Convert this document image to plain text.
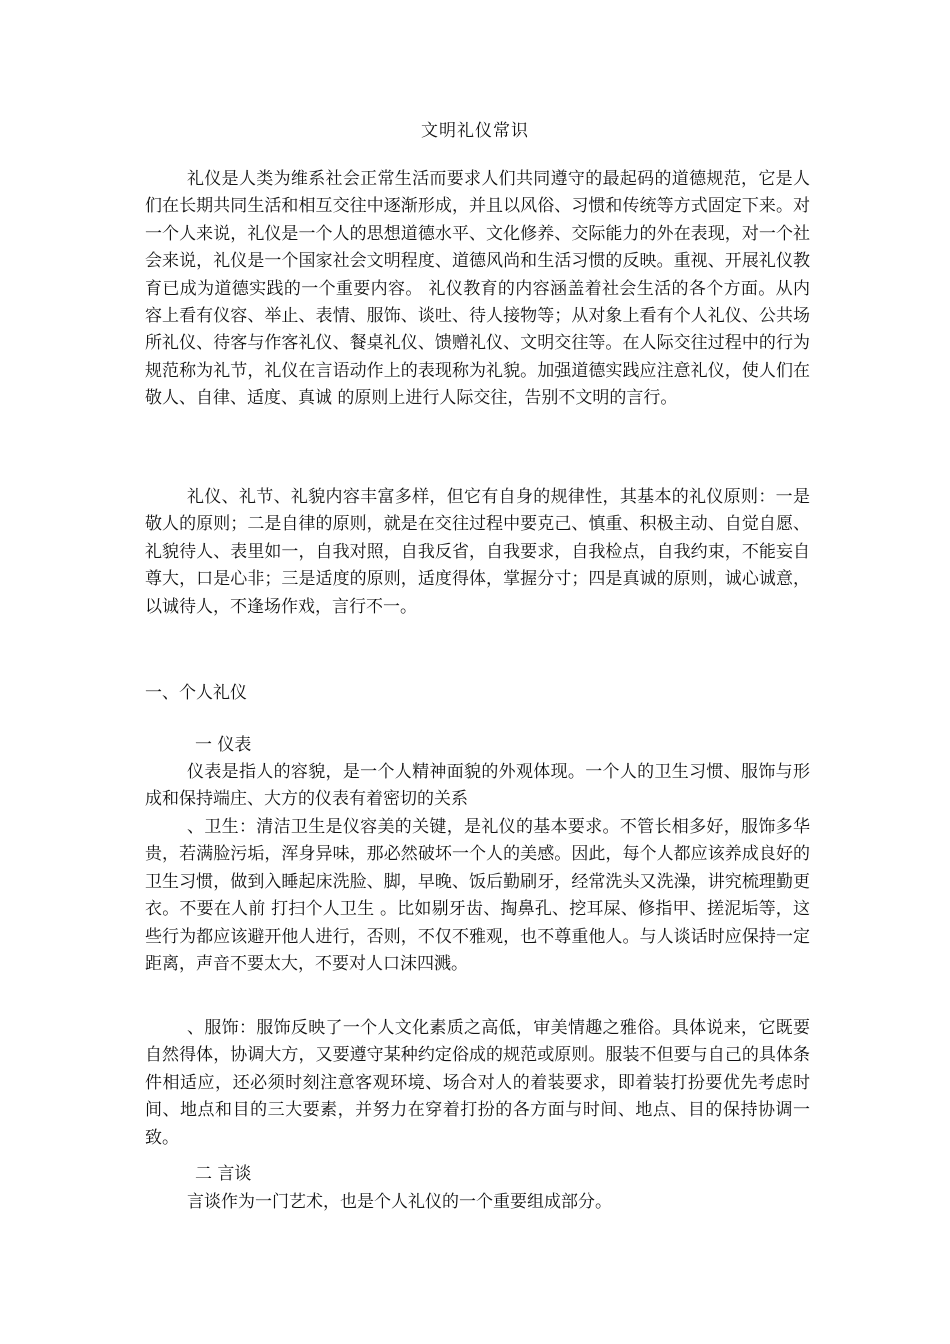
文明礼仪常识
礼仪是人类为维系社会正常生活而要求人们共同遵守的最起码的道德规范，它是人们在长期共同生活和相互交往中逐渐形成，并且以风俗、习惯和传统等方式固定下来。对一个人来说，礼仪是一个人的思想道德水平、文化修养、交际能力的外在表现，对一个社会来说，礼仪是一个国家社会文明程度、道德风尚和生活习惯的反映。重视、开展礼仪教育已成为道德实践的一个重要内容。 礼仪教育的内容涵盖着社会生活的各个方面。从内容上看有仪容、举止、表情、服饰、谈吐、待人接物等；从对象上看有个人礼仪、公共场所礼仪、待客与作客礼仪、餐桌礼仪、馈赠礼仪、文明交往等。在人际交往过程中的行为规范称为礼节，礼仪在言语动作上的表现称为礼貌。加强道德实践应注意礼仪，使人们在 敬人、自律、适度、真诚 的原则上进行人际交往，告别不文明的言行。
礼仪、礼节、礼貌内容丰富多样，但它有自身的规律性，其基本的礼仪原则：一是敬人的原则；二是自律的原则，就是在交往过程中要克己、慎重、积极主动、自觉自愿、礼貌待人、表里如一，自我对照，自我反省，自我要求，自我检点，自我约束，不能妄自尊大，口是心非；三是适度的原则，适度得体，掌握分寸；四是真诚的原则，诚心诚意，以诚待人，不逢场作戏，言行不一。
一、个人礼仪
一 仪表
仪表是指人的容貌，是一个人精神面貌的外观体现。一个人的卫生习惯、服饰与形成和保持端庄、大方的仪表有着密切的关系
、卫生：清洁卫生是仪容美的关键，是礼仪的基本要求。不管长相多好，服饰多华贵，若满脸污垢，浑身异味，那必然破坏一个人的美感。因此，每个人都应该养成良好的卫生习惯，做到入睡起床洗脸、脚，早晚、饭后勤刷牙，经常洗头又洗澡，讲究梳理勤更衣。不要在人前 打扫个人卫生 。比如剔牙齿、掏鼻孔、挖耳屎、修指甲、搓泥垢等，这些行为都应该避开他人进行，否则，不仅不雅观，也不尊重他人。与人谈话时应保持一定距离，声音不要太大，不要对人口沫四溅。
、服饰：服饰反映了一个人文化素质之高低，审美情趣之雅俗。具体说来，它既要自然得体，协调大方，又要遵守某种约定俗成的规范或原则。服装不但要与自己的具体条件相适应，还必须时刻注意客观环境、场合对人的着装要求，即着装打扮要优先考虑时间、地点和目的三大要素，并努力在穿着打扮的各方面与时间、地点、目的保持协调一致。
二 言谈
言谈作为一门艺术，也是个人礼仪的一个重要组成部分。
